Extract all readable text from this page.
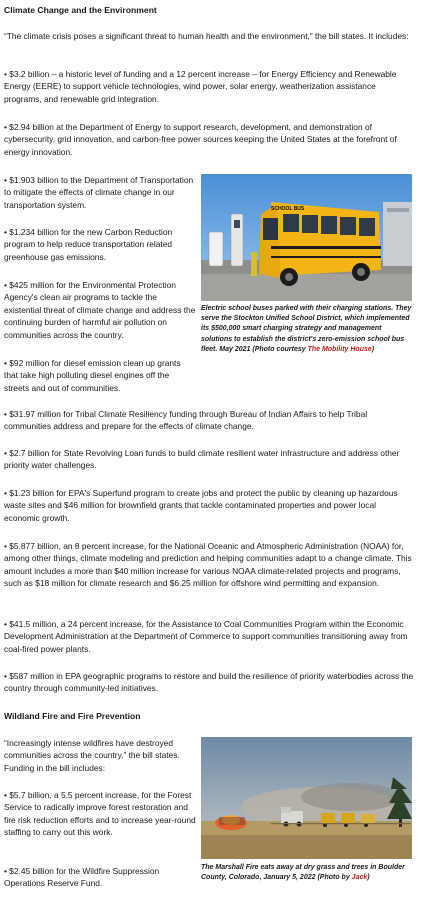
Climate Change and the Environment
“The climate crisis poses a significant threat to human health and the environment,” the bill states. It includes:
• $3.2 billion – a historic level of funding and a 12 percent increase – for Energy Efficiency and Renewable Energy (EERE) to support vehicle technologies, wind power, solar energy, weatherization assistance programs, and renewable grid integration.
• $2.94 billion at the Department of Energy to support research, development, and demonstration of cybersecurity, grid innovation, and carbon-free power sources keeping the United States at the forefront of energy innovation.
• $1.903 billion to the Department of Transportation to mitigate the effects of climate change in our transportation system.
• $1.234 billion for the new Carbon Reduction program to help reduce transportation related greenhouse gas emissions.
• $425 million for the Environmental Protection Agency's clean air programs to tackle the existential threat of climate change and address the continuing burden of harmful air pollution on communities across the country.
• $92 million for diesel emission clean up grants that take high polluting diesel engines off the streets and out of communities.
SCHOOL BUS
Electric school buses parked with their charging stations. They serve the Stockton Unified School District, which implemented its $500,000 smart charging strategy and management solutions to establish the district's zero-emission school bus fleet. May 2021 (Photo courtesy The Mobility House)
• $31.97 million for Tribal Climate Resiliency funding through Bureau of Indian Affairs to help Tribal communities address and prepare for the effects of climate change.
• $2.7 billion for State Revolving Loan funds to build climate resilient water infrastructure and address other priority water challenges.
• $1.23 billion for EPA's Superfund program to create jobs and protect the public by cleaning up hazardous waste sites and $46 million for brownfield grants that tackle contaminated properties and power local economic growth.
• $5.877 billion, an 8 percent increase, for the National Oceanic and Atmospheric Administration (NOAA) for, among other things, climate modeling and prediction and helping communities adapt to a change climate. This amount includes a more than $40 million increase for various NOAA climate-related projects and programs, such as $18 million for climate research and $6.25 million for offshore wind permitting and expansion.
• $41.5 million, a 24 percent increase, for the Assistance to Coal Communities Program within the Economic Development Administration at the Department of Commerce to support communities transitioning away from coal-fired power plants.
• $587 million in EPA geographic programs to restore and build the resilience of priority waterbodies across the country through community-led initiatives.
Wildland Fire and Fire Prevention
“Increasingly intense wildfires have destroyed communities across the country,” the bill states. Funding in the bill includes:
• $5.7 billion, a 5.5 percent increase, for the Forest Service to radically improve forest restoration and fire risk reduction efforts and to increase year-round staffing to carry out this work.
• $2.45 billion for the Wildfire Suppression Operations Reserve Fund.
The Marshall Fire eats away at dry grass and trees in Boulder County, Colorado, January 5, 2022 (Photo by Jack)
